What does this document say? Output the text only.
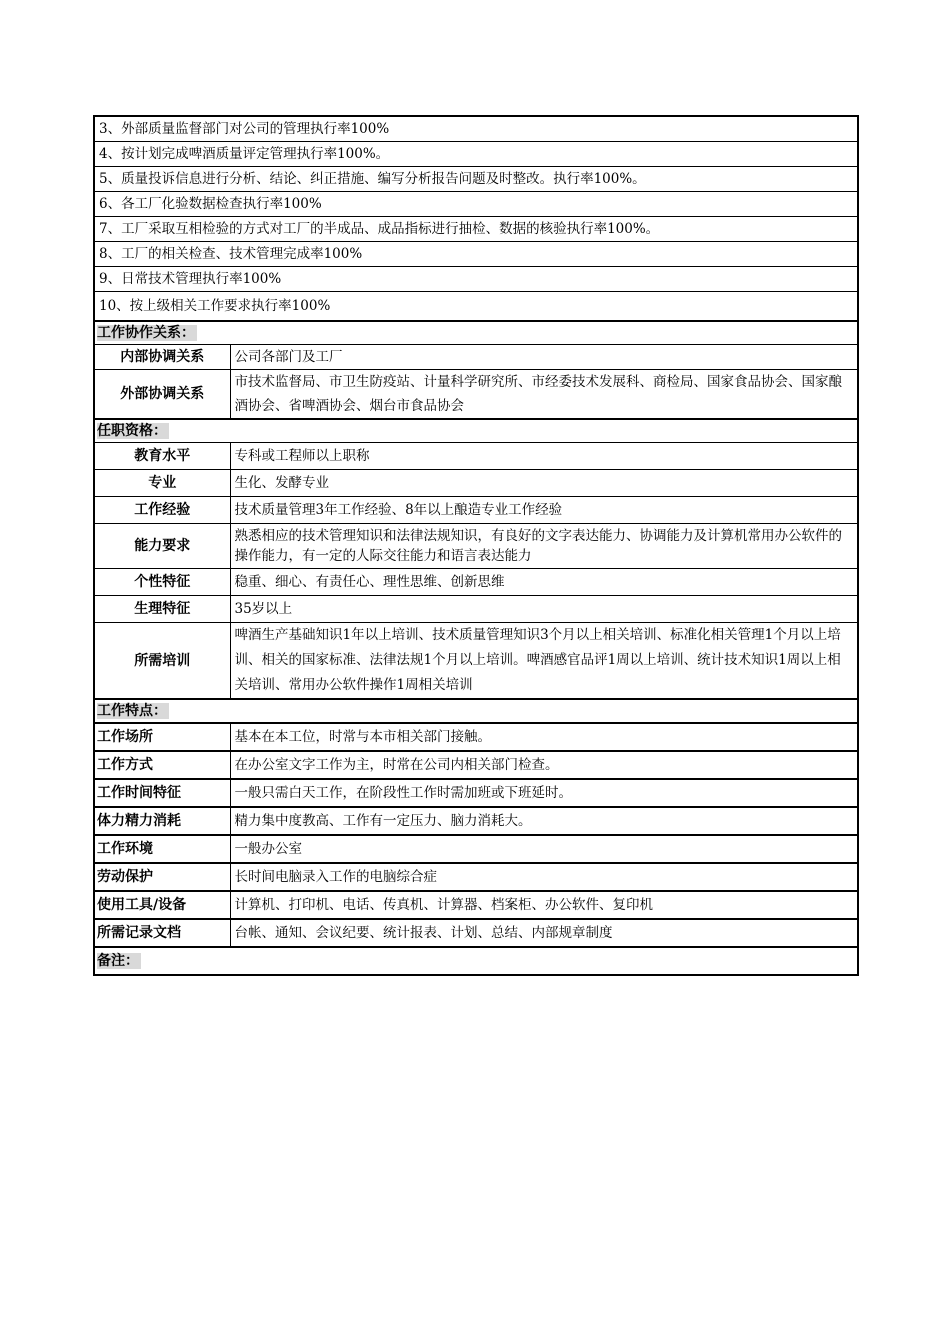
3、外部质量监督部门对公司的管理执行率100%	
4、按计划完成啤酒质量评定管理执行率100%。	
5、质量投诉信息进行分析、结论、纠正措施、编写分析报告问题及时整改。执行率100%。	
6、各工厂化验数据检查执行率100%	
7、工厂采取互相检验的方式对工厂的半成品、成品指标进行抽检、数据的核验执行率100%。	
8、工厂的相关检查、技术管理完成率100%	
9、日常技术管理执行率100%	
10、按上级相关工作要求执行率100%	
工作协作关系：	
内部协调关系	公司各部门及工厂
外部协调关系	市技术监督局、市卫生防疫站、计量科学研究所、市经委技术发展科、商检局、国家食品协会、国家酿酒协会、省啤酒协会、烟台市食品协会
任职资格：	
教育水平	专科或工程师以上职称
专业	生化、发酵专业
工作经验	技术质量管理3年工作经验、8年以上酿造专业工作经验
能力要求	熟悉相应的技术管理知识和法律法规知识，有良好的文字表达能力、协调能力及计算机常用办公软件的操作能力，有一定的人际交往能力和语言表达能力
个性特征	稳重、细心、有责任心、理性思维、创新思维
生理特征	35岁以上
所需培训	啤酒生产基础知识1年以上培训、技术质量管理知识3个月以上相关培训、标准化相关管理1个月以上培训、相关的国家标准、法律法规1个月以上培训。啤酒感官品评1周以上培训、统计技术知识1周以上相关培训、常用办公软件操作1周相关培训
工作特点：	
工作场所	基本在本工位，时常与本市相关部门接触。
工作方式	在办公室文字工作为主，时常在公司内相关部门检查。
工作时间特征	一般只需白天工作，在阶段性工作时需加班或下班延时。
体力精力消耗	精力集中度教高、工作有一定压力、脑力消耗大。
工作环境	一般办公室
劳动保护	长时间电脑录入工作的电脑综合症
使用工具/设备	计算机、打印机、电话、传真机、计算器、档案柜、办公软件、复印机
所需记录文档	台帐、通知、会议纪要、统计报表、计划、总结、内部规章制度
备注：	
